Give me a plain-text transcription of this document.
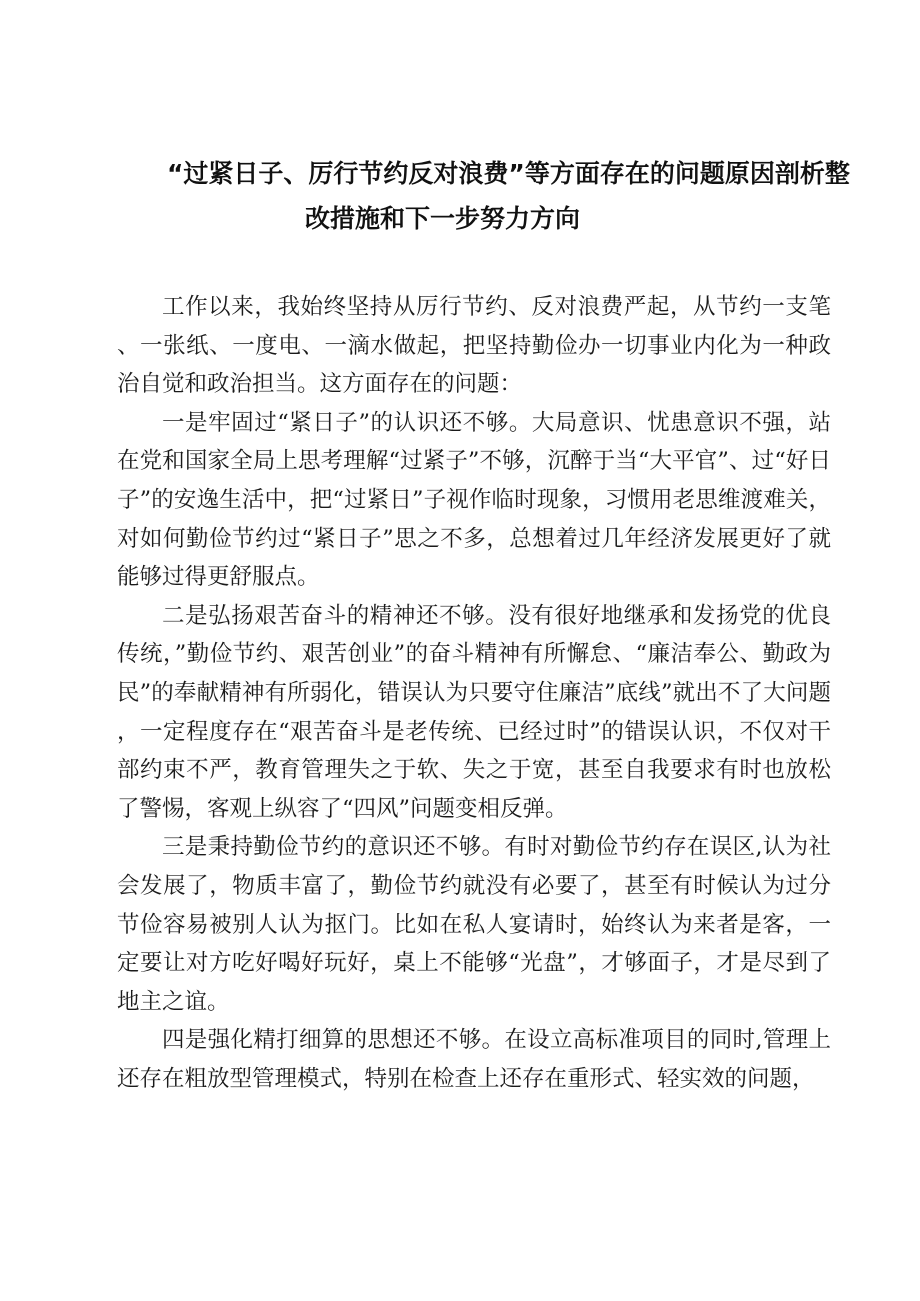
“过紧日子、厉行节约反对浪费”等方面存在的问题原因剖析整
改措施和下一步努力方向

工作以来，我始终坚持从厉行节约、反对浪费严起，从节约一支笔、一张纸、一度电、一滴水做起，把坚持勤俭办一切事业内化为一种政治自觉和政治担当。这方面存在的问题：

一是牢固过“紧日子”的认识还不够。大局意识、忧患意识不强，站在党和国家全局上思考理解“过紧子”不够，沉醉于当“大平官”、过“好日子”的安逸生活中，把“过紧日”子视作临时现象，习惯用老思维渡难关，对如何勤俭节约过“紧日子”思之不多，总想着过几年经济发展更好了就能够过得更舒服点。

二是弘扬艰苦奋斗的精神还不够。没有很好地继承和发扬党的优良传统，”勤俭节约、艰苦创业”的奋斗精神有所懈怠、“廉洁奉公、勤政为民”的奉献精神有所弱化，错误认为只要守住廉洁”底线”就出不了大问题，一定程度存在“艰苦奋斗是老传统、已经过时”的错误认识，不仅对干部约束不严，教育管理失之于软、失之于宽，甚至自我要求有时也放松了警惕，客观上纵容了“四风”问题变相反弹。

三是秉持勤俭节约的意识还不够。有时对勤俭节约存在误区,认为社会发展了，物质丰富了，勤俭节约就没有必要了，甚至有时候认为过分节俭容易被别人认为抠门。比如在私人宴请时，始终认为来者是客，一定要让对方吃好喝好玩好，桌上不能够“光盘”，才够面子，才是尽到了地主之谊。

四是强化精打细算的思想还不够。在设立高标准项目的同时,管理上还存在粗放型管理模式，特别在检查上还存在重形式、轻实效的问题，
